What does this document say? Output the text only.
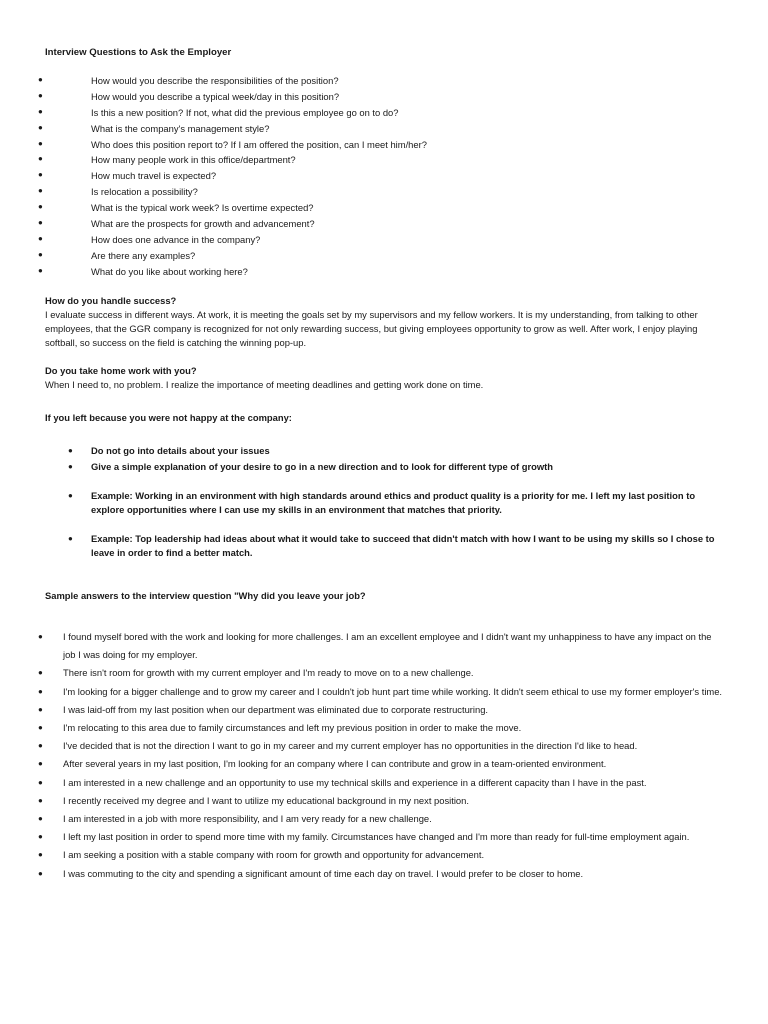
Interview Questions to Ask the Employer
●	How would you describe the responsibilities of the position?
●	How would you describe a typical week/day in this position?
●	Is this a new position? If not, what did the previous employee go on to do?
●	What is the company's management style?
●	Who does this position report to? If I am offered the position, can I meet him/her?
●	How many people work in this office/department?
●	How much travel is expected?
●	Is relocation a possibility?
●	What is the typical work week? Is overtime expected?
●	What are the prospects for growth and advancement?
●	How does one advance in the company?
●	Are there any examples?
●	What do you like about working here?
How do you handle success?

I evaluate success in different ways. At work, it is meeting the goals set by my supervisors and my fellow workers. It is my understanding, from talking to other employees, that the GGR company is recognized for not only rewarding success, but giving employees opportunity to grow as well. After work, I enjoy playing softball, so success on the field is catching the winning pop-up.

Do you take home work with you?

When I need to, no problem. I realize the importance of meeting deadlines and getting work done on time.

If you left because you were not happy at the company:
● Do not go into details about your issues
● Give a simple explanation of your desire to go in a new direction and to look for different type of growth
● Example: Working in an environment with high standards around ethics and product quality is a priority for me. I left my last position to explore opportunities where I can use my skills in an environment that matches that priority.
● Example: Top leadership had ideas about what it would take to succeed that didn't match with how I want to be using my skills so I chose to leave in order to find a better match.
Sample answers to the interview question "Why did you leave your job?
● I found myself bored with the work and looking for more challenges. I am an excellent employee and I didn't want my unhappiness to have any impact on the job I was doing for my employer.
● There isn't room for growth with my current employer and I'm ready to move on to a new challenge.
● I'm looking for a bigger challenge and to grow my career and I couldn't job hunt part time while working. It didn't seem ethical to use my former employer's time.
● I was laid-off from my last position when our department was eliminated due to corporate restructuring.
● I'm relocating to this area due to family circumstances and left my previous position in order to make the move.
● I've decided that is not the direction I want to go in my career and my current employer has no opportunities in the direction I'd like to head.
● After several years in my last position, I'm looking for an company where I can contribute and grow in a team-oriented environment.
● I am interested in a new challenge and an opportunity to use my technical skills and experience in a different capacity than I have in the past.
● I recently received my degree and I want to utilize my educational background in my next position.
● I am interested in a job with more responsibility, and I am very ready for a new challenge.
● I left my last position in order to spend more time with my family. Circumstances have changed and I'm more than ready for full-time employment again.
● I am seeking a position with a stable company with room for growth and opportunity for advancement.
● I was commuting to the city and spending a significant amount of time each day on travel. I would prefer to be closer to home.
